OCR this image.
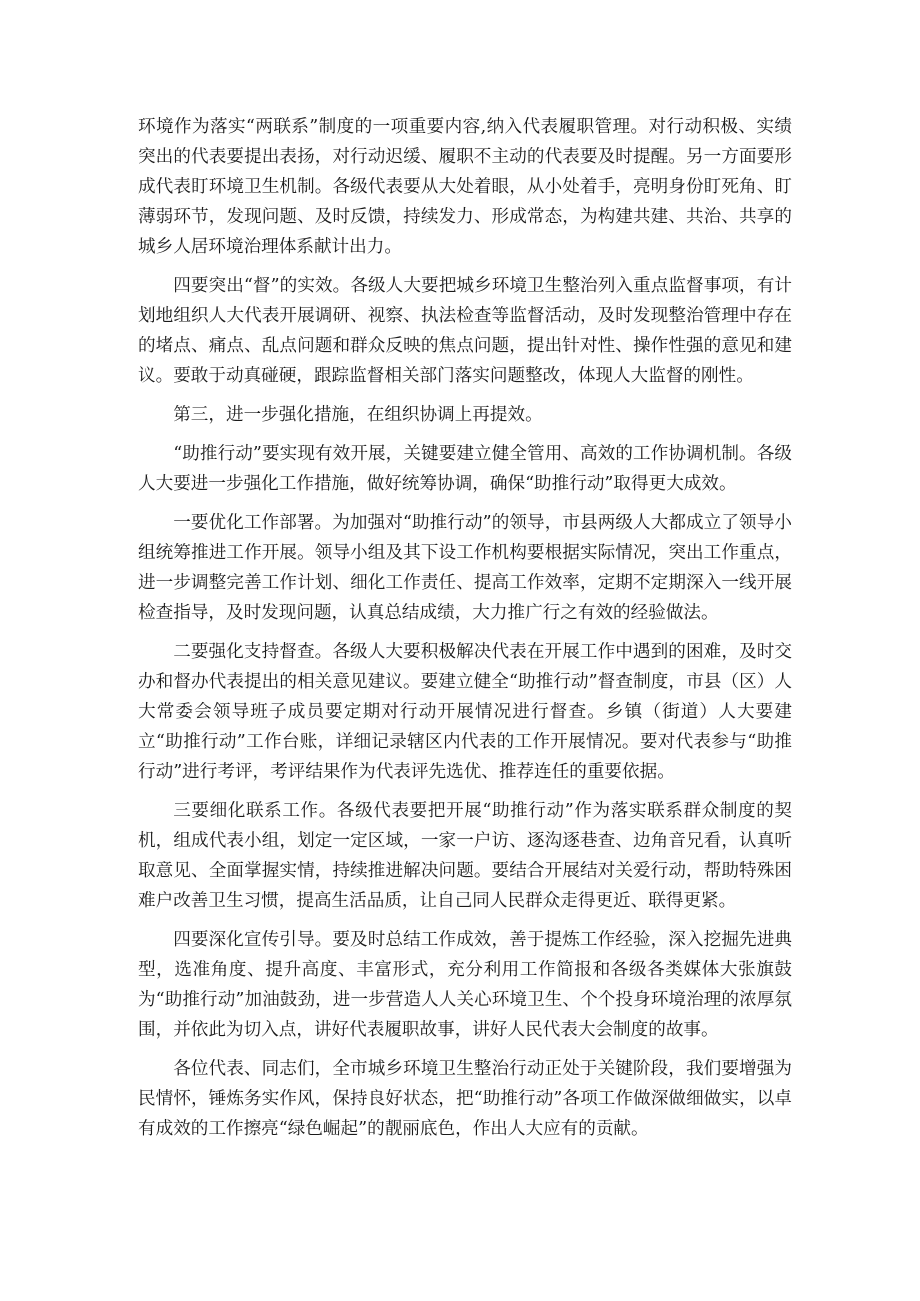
环境作为落实“两联系”制度的一项重要内容,纳入代表履职管理。对行动积极、实绩突出的代表要提出表扬，对行动迟缓、履职不主动的代表要及时提醒。另一方面要形成代表盯环境卫生机制。各级代表要从大处着眼，从小处着手，亮明身份盯死角、盯薄弱环节，发现问题、及时反馈，持续发力、形成常态，为构建共建、共治、共享的城乡人居环境治理体系献计出力。

四要突出“督”的实效。各级人大要把城乡环境卫生整治列入重点监督事项，有计划地组织人大代表开展调研、视察、执法检查等监督活动，及时发现整治管理中存在的堵点、痛点、乱点问题和群众反映的焦点问题，提出针对性、操作性强的意见和建议。要敢于动真碰硬，跟踪监督相关部门落实问题整改，体现人大监督的刚性。

第三，进一步强化措施，在组织协调上再提效。

“助推行动”要实现有效开展，关键要建立健全管用、高效的工作协调机制。各级人大要进一步强化工作措施，做好统筹协调，确保“助推行动”取得更大成效。

一要优化工作部署。为加强对“助推行动”的领导，市县两级人大都成立了领导小组统筹推进工作开展。领导小组及其下设工作机构要根据实际情况，突出工作重点，进一步调整完善工作计划、细化工作责任、提高工作效率，定期不定期深入一线开展检查指导，及时发现问题，认真总结成绩，大力推广行之有效的经验做法。

二要强化支持督查。各级人大要积极解决代表在开展工作中遇到的困难，及时交办和督办代表提出的相关意见建议。要建立健全“助推行动”督查制度，市县（区）人大常委会领导班子成员要定期对行动开展情况进行督查。乡镇（街道）人大要建立“助推行动”工作台账，详细记录辖区内代表的工作开展情况。要对代表参与“助推行动”进行考评，考评结果作为代表评先选优、推荐连任的重要依据。

三要细化联系工作。各级代表要把开展“助推行动”作为落实联系群众制度的契机，组成代表小组，划定一定区域，一家一户访、逐沟逐巷查、边角音兄看，认真听取意见、全面掌握实情，持续推进解决问题。要结合开展结对关爱行动，帮助特殊困难户改善卫生习惯，提高生活品质，让自己同人民群众走得更近、联得更紧。

四要深化宣传引导。要及时总结工作成效，善于提炼工作经验，深入挖掘先进典型，选准角度、提升高度、丰富形式，充分利用工作简报和各级各类媒体大张旗鼓为“助推行动”加油鼓劲，进一步营造人人关心环境卫生、个个投身环境治理的浓厚氛围，并依此为切入点，讲好代表履职故事，讲好人民代表大会制度的故事。

各位代表、同志们，全市城乡环境卫生整治行动正处于关键阶段，我们要增强为民情怀，锤炼务实作风，保持良好状态，把“助推行动”各项工作做深做细做实，以卓有成效的工作擦亮“绿色崛起”的靓丽底色，作出人大应有的贡献。
